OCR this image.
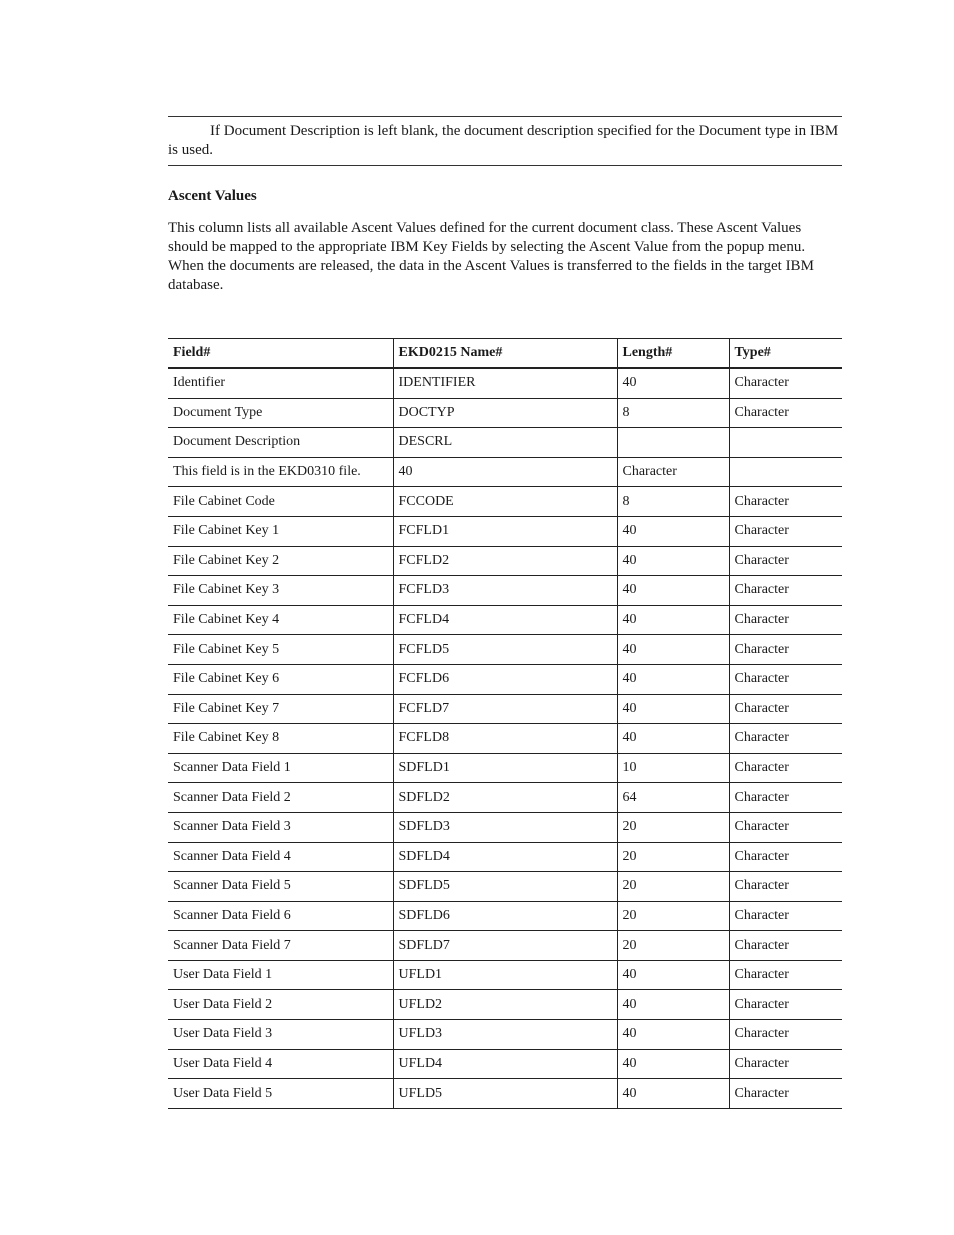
If Document Description is left blank, the document description specified for the Document type in IBM is used.

Ascent Values

This column lists all available Ascent Values defined for the current document class. These Ascent Values should be mapped to the appropriate IBM Key Fields by selecting the Ascent Value from the popup menu. When the documents are released, the data in the Ascent Values is transferred to the fields in the target IBM database.

Field#	EKD0215 Name#	Length#	Type#
Identifier	IDENTIFIER	40	Character
Document Type	DOCTYP	8	Character
Document Description	DESCRL		
This field is in the EKD0310 file.	40	Character	
File Cabinet Code	FCCODE	8	Character
File Cabinet Key 1	FCFLD1	40	Character
File Cabinet Key 2	FCFLD2	40	Character
File Cabinet Key 3	FCFLD3	40	Character
File Cabinet Key 4	FCFLD4	40	Character
File Cabinet Key 5	FCFLD5	40	Character
File Cabinet Key 6	FCFLD6	40	Character
File Cabinet Key 7	FCFLD7	40	Character
File Cabinet Key 8	FCFLD8	40	Character
Scanner Data Field 1	SDFLD1	10	Character
Scanner Data Field 2	SDFLD2	64	Character
Scanner Data Field 3	SDFLD3	20	Character
Scanner Data Field 4	SDFLD4	20	Character
Scanner Data Field 5	SDFLD5	20	Character
Scanner Data Field 6	SDFLD6	20	Character
Scanner Data Field 7	SDFLD7	20	Character
User Data Field 1	UFLD1	40	Character
User Data Field 2	UFLD2	40	Character
User Data Field 3	UFLD3	40	Character
User Data Field 4	UFLD4	40	Character
User Data Field 5	UFLD5	40	Character
